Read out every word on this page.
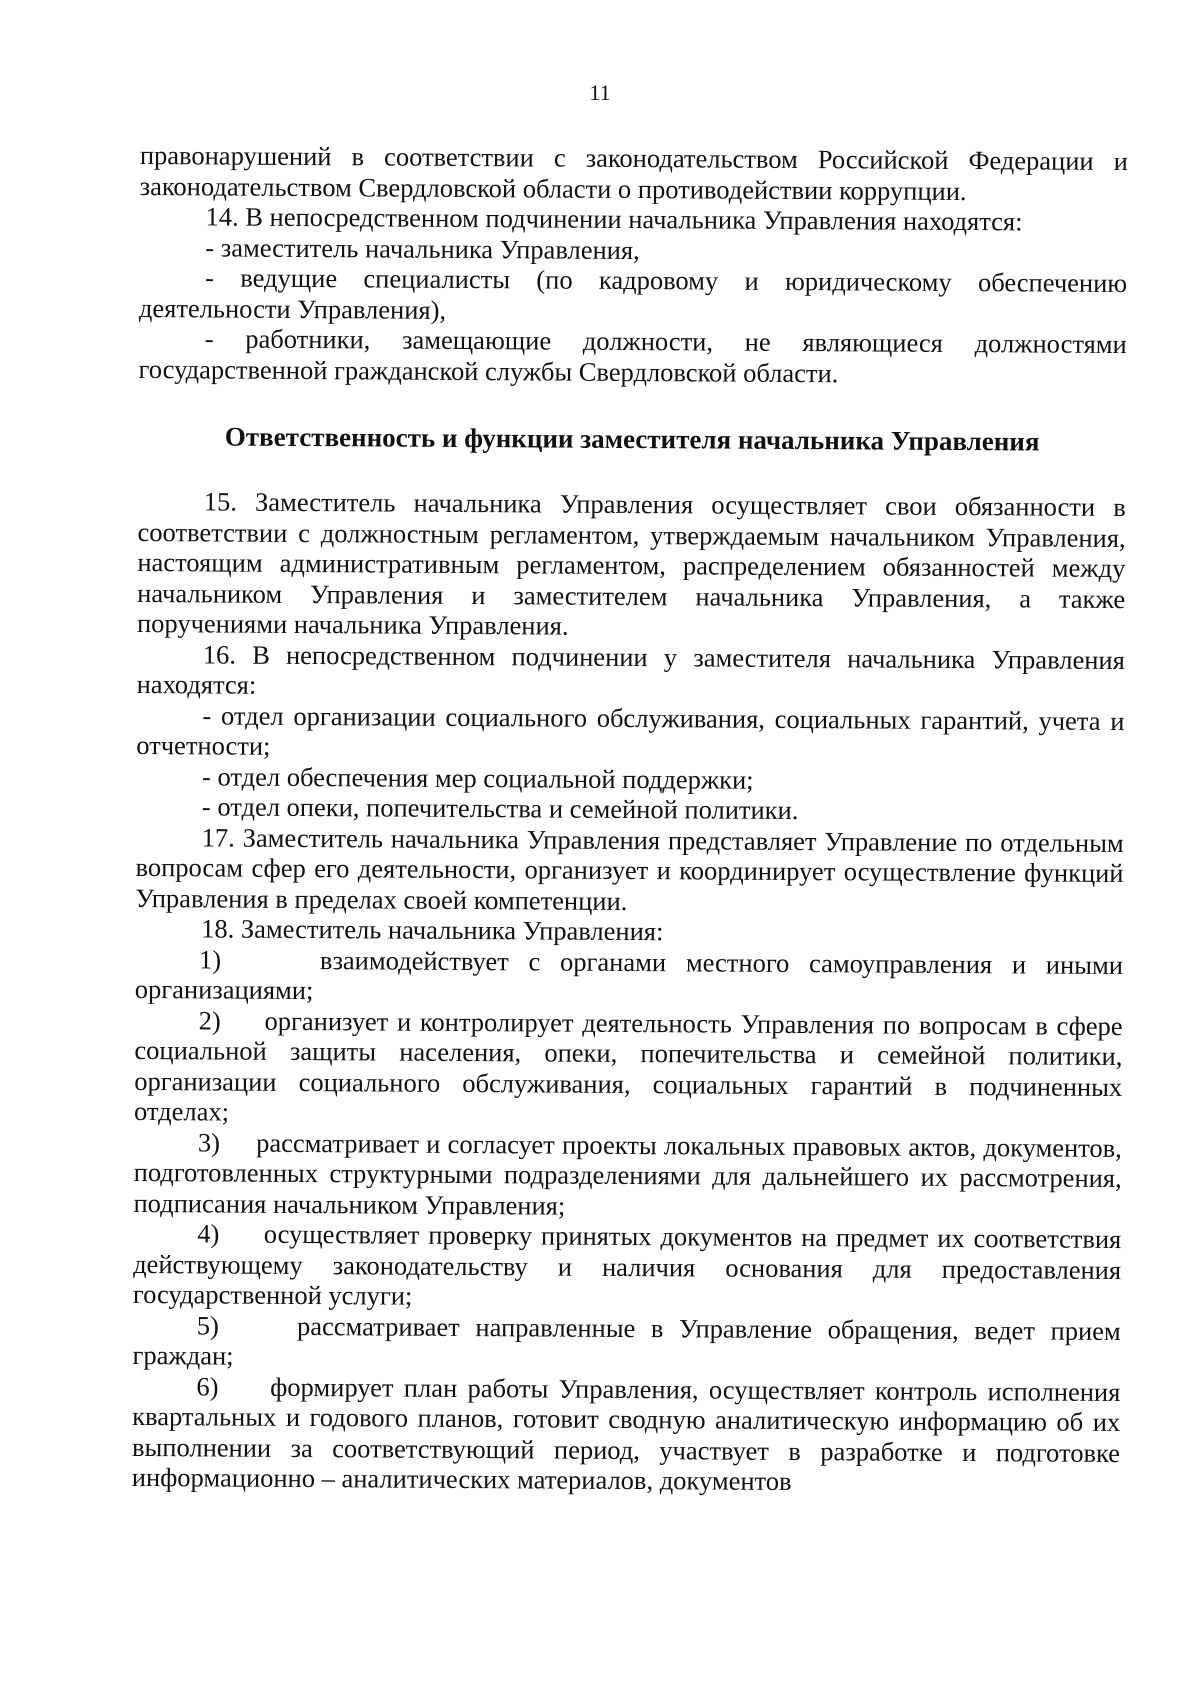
11

правонарушений в соответствии с законодательством Российской Федерации и законодательством Свердловской области о противодействии коррупции.

14. В непосредственном подчинении начальника Управления находятся:

- заместитель начальника Управления,

- ведущие специалисты (по кадровому и юридическому обеспечению деятельности Управления),

- работники, замещающие должности, не являющиеся должностями государственной гражданской службы Свердловской области.

Ответственность и функции заместителя начальника Управления

15. Заместитель начальника Управления осуществляет свои обязанности в соответствии с должностным регламентом, утверждаемым начальником Управления, настоящим административным регламентом, распределением обязанностей между начальником Управления и заместителем начальника Управления, а также поручениями начальника Управления.

16. В непосредственном подчинении у заместителя начальника Управления находятся:

- отдел организации социального обслуживания, социальных гарантий, учета и отчетности;

- отдел обеспечения мер социальной поддержки;

- отдел опеки, попечительства и семейной политики.

17. Заместитель начальника Управления представляет Управление по отдельным вопросам сфер его деятельности, организует и координирует осуществление функций Управления в пределах своей компетенции.

18. Заместитель начальника Управления:

1)     взаимодействует с органами местного самоуправления и иными организациями;

2)     организует и контролирует деятельность Управления по вопросам в сфере социальной защиты населения, опеки, попечительства и семейной политики, организации социального обслуживания, социальных гарантий в подчиненных отделах;

3)     рассматривает и согласует проекты локальных правовых актов, документов, подготовленных структурными подразделениями для дальнейшего их рассмотрения, подписания начальником Управления;

4)     осуществляет проверку принятых документов на предмет их соответствия действующему законодательству и наличия основания для предоставления государственной услуги;

5)     рассматривает направленные в Управление обращения, ведет прием граждан;

6)     формирует план работы Управления, осуществляет контроль исполнения квартальных и годового планов, готовит сводную аналитическую информацию об их выполнении за соответствующий период, участвует в разработке и подготовке информационно – аналитических материалов, документов
